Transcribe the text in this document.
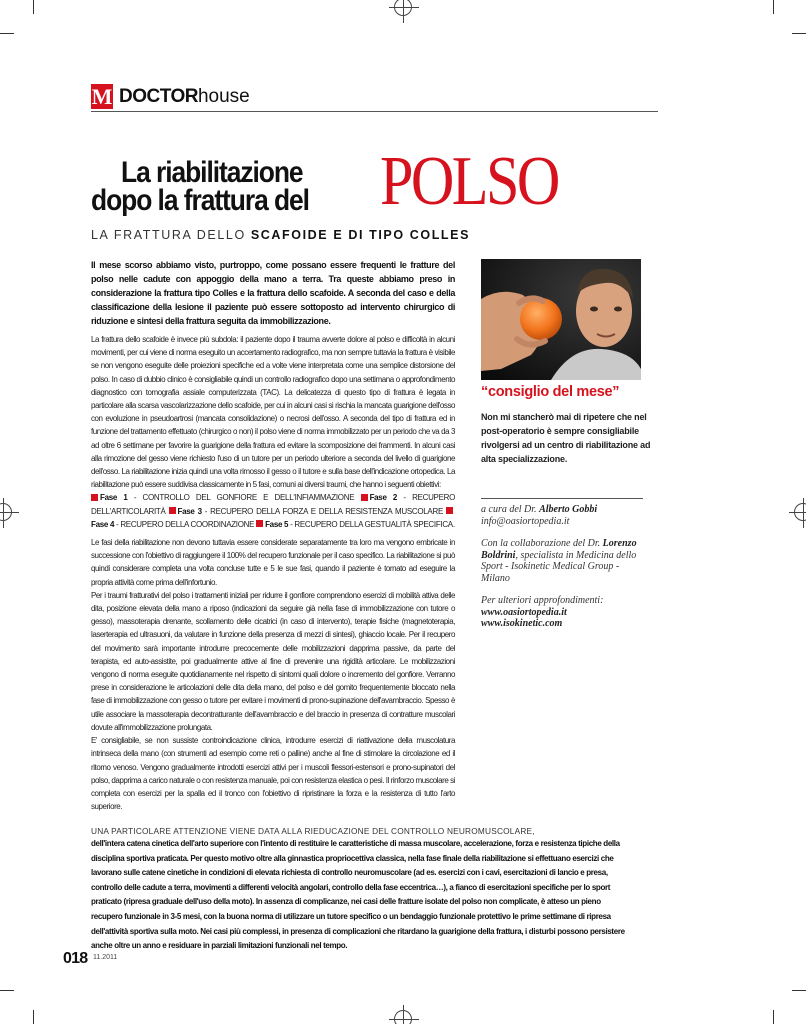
M DOCTORhouse
La riabilitazione
dopo la frattura del POLSO
LA FRATTURA DELLO SCAFOIDE E DI TIPO COLLES

Il mese scorso abbiamo visto, purtroppo, come possano essere frequenti le fratture del polso nelle cadute con appoggio della mano a terra. Tra queste abbiamo preso in considerazione la frattura tipo Colles e la frattura dello scafoide. A seconda del caso e della classificazione della lesione il paziente può essere sottoposto ad intervento chirurgico di riduzione e sintesi della frattura seguita da immobilizzazione.

La frattura dello scafoide è invece più subdola: il paziente dopo il trauma avverte dolore al polso e difficoltà in alcuni movimenti, per cui viene di norma eseguito un accertamento radiografico, ma non sempre tuttavia la frattura è visibile se non vengono eseguite delle proiezioni specifiche ed a volte viene interpretata come una semplice distorsione del polso. In caso di dubbio clinico è consigliabile quindi un controllo radiografico dopo una settimana o approfondimento diagnostico con tomografia assiale computerizzata (TAC). La delicatezza di questo tipo di frattura è legata in particolare alla scarsa vascolarizzazione dello scafoide, per cui in alcuni casi si rischia la mancata guarigione dell'osso con evoluzione in pseudoartrosi (mancata consolidazione) o necrosi dell'osso. A seconda del tipo di frattura ed in funzione del trattamento effettuato (chirurgico o non) il polso viene di norma immobilizzato per un periodo che va da 3 ad oltre 6 settimane per favorire la guarigione della frattura ed evitare la scomposizione dei frammenti. In alcuni casi alla rimozione del gesso viene richiesto l'uso di un tutore per un periodo ulteriore a seconda del livello di guarigione dell'osso. La riabilitazione inizia quindi una volta rimosso il gesso o il tutore e sulla base dell'indicazione ortopedica. La riabilitazione può essere suddivisa classicamente in 5 fasi, comuni ai diversi traumi, che hanno i seguenti obiettivi:

Fase 1 - CONTROLLO DEL GONFIORE E DELL'INFIAMMAZIONE Fase 2 - RECUPERO DELL'ARTICOLARITÀ Fase 3 - RECUPERO DELLA FORZA E DELLA RESISTENZA MUSCOLARE Fase 4 - RECUPERO DELLA COORDINAZIONE Fase 5 - RECUPERO DELLA GESTUALITÀ SPECIFICA.

Le fasi della riabilitazione non devono tuttavia essere considerate separatamente tra loro ma vengono embricate in successione con l'obiettivo di raggiungere il 100% del recupero funzionale per il caso specifico. La riabilitazione si può quindi considerare completa una volta concluse tutte e 5 le sue fasi, quando il paziente è tornato ad eseguire la propria attività come prima dell'infortunio.

Per i traumi fratturativi del polso i trattamenti iniziali per ridurre il gonfiore comprendono esercizi di mobilità attiva delle dita, posizione elevata della mano a riposo (indicazioni da seguire già nella fase di immobilizzazione con tutore o gesso), massoterapia drenante, scollamento delle cicatrici (in caso di intervento), terapie fisiche (magnetoterapia, laserterapia ed ultrasuoni, da valutare in funzione della presenza di mezzi di sintesi), ghiaccio locale. Per il recupero del movimento sarà importante introdurre precocemente delle mobilizzazioni dapprima passive, da parte del terapista, ed auto-assistite, poi gradualmente attive al fine di prevenire una rigidità articolare. Le mobilizzazioni vengono di norma eseguite quotidianamente nel rispetto di sintomi quali dolore o incremento del gonfiore. Verranno prese in considerazione le articolazioni delle dita della mano, del polso e del gomito frequentemente bloccato nella fase di immobilizzazione con gesso o tutore per evitare i movimenti di prono-supinazione dell'avambraccio. Spesso è utile associare la massoterapia decontratturante dell'avambraccio e del braccio in presenza di contratture muscolari dovute all'immobilizzazione prolungata.

E' consigliabile, se non sussiste controindicazione clinica, introdurre esercizi di riattivazione della muscolatura intrinseca della mano (con strumenti ad esempio come reti o palline) anche al fine di stimolare la circolazione ed il ritorno venoso. Vengono gradualmente introdotti esercizi attivi per i muscoli flessori-estensori e prono-supinatori del polso, dapprima a carico naturale o con resistenza manuale, poi con resistenza elastica o pesi. Il rinforzo muscolare si completa con esercizi per la spalla ed il tronco con l'obiettivo di ripristinare la forza e la resistenza di tutto l'arto superiore.

“consiglio del mese”
Non mi stancherò mai di ripetere che nel post-operatorio è sempre consigliabile rivolgersi ad un centro di riabilitazione ad alta specializzazione.
a cura del Dr. Alberto Gobbi
info@oasiortopedia.it
Con la collaborazione del Dr. Lorenzo Boldrini, specialista in Medicina dello Sport - Isokinetic Medical Group - Milano
Per ulteriori approfondimenti:
www.oasiortopedia.it
www.isokinetic.com
UNA PARTICOLARE ATTENZIONE VIENE DATA ALLA RIEDUCAZIONE DEL CONTROLLO NEUROMUSCOLARE,
dell'intera catena cinetica dell'arto superiore con l'intento di restituire le caratteristiche di massa muscolare, accelerazione, forza e resistenza tipiche della disciplina sportiva praticata. Per questo motivo oltre alla ginnastica propriocettiva classica, nella fase finale della riabilitazione si effettuano esercizi che lavorano sulle catene cinetiche in condizioni di elevata richiesta di controllo neuromuscolare (ad es. esercizi con i cavi, esercitazioni di lancio e presa, controllo delle cadute a terra, movimenti a differenti velocità angolari, controllo della fase eccentrica…), a fianco di esercitazioni specifiche per lo sport praticato (ripresa graduale dell'uso della moto). In assenza di complicanze, nei casi delle fratture isolate del polso non complicate, è atteso un pieno recupero funzionale in 3-5 mesi, con la buona norma di utilizzare un tutore specifico o un bendaggio funzionale protettivo le prime settimane di ripresa dell'attività sportiva sulla moto. Nei casi più complessi, in presenza di complicazioni che ritardano la guarigione della frattura, i disturbi possono persistere anche oltre un anno e residuare in parziali limitazioni funzionali nel tempo.
018 11.2011
